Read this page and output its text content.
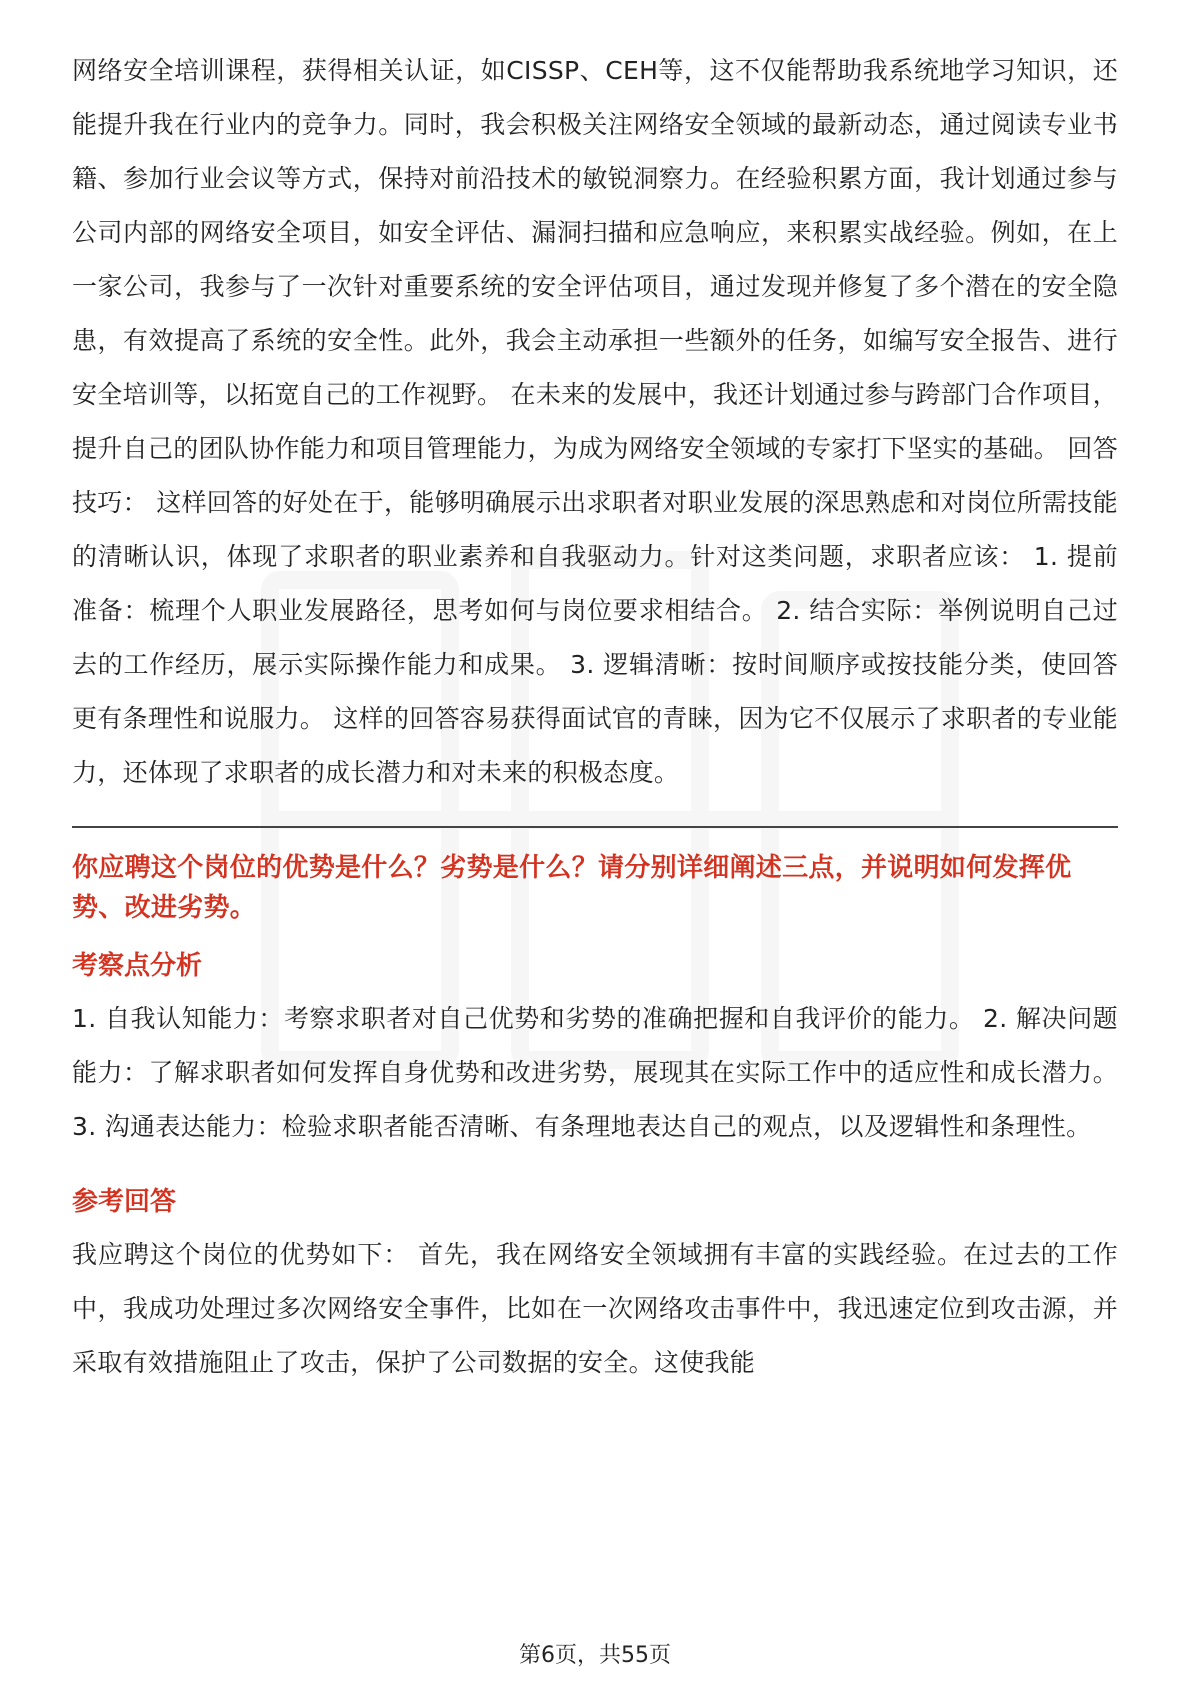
网络安全培训课程，获得相关认证，如CISSP、CEH等，这不仅能帮助我系统地学习知识，还能提升我在行业内的竞争力。同时，我会积极关注网络安全领域的最新动态，通过阅读专业书籍、参加行业会议等方式，保持对前沿技术的敏锐洞察力。在经验积累方面，我计划通过参与公司内部的网络安全项目，如安全评估、漏洞扫描和应急响应，来积累实战经验。例如，在上一家公司，我参与了一次针对重要系统的安全评估项目，通过发现并修复了多个潜在的安全隐患，有效提高了系统的安全性。此外，我会主动承担一些额外的任务，如编写安全报告、进行安全培训等，以拓宽自己的工作视野。 在未来的发展中，我还计划通过参与跨部门合作项目，提升自己的团队协作能力和项目管理能力，为成为网络安全领域的专家打下坚实的基础。 回答技巧： 这样回答的好处在于，能够明确展示出求职者对职业发展的深思熟虑和对岗位所需技能的清晰认识，体现了求职者的职业素养和自我驱动力。针对这类问题，求职者应该： 1. 提前准备：梳理个人职业发展路径，思考如何与岗位要求相结合。 2. 结合实际：举例说明自己过去的工作经历，展示实际操作能力和成果。 3. 逻辑清晰：按时间顺序或按技能分类，使回答更有条理性和说服力。 这样的回答容易获得面试官的青睐，因为它不仅展示了求职者的专业能力，还体现了求职者的成长潜力和对未来的积极态度。

你应聘这个岗位的优势是什么？劣势是什么？请分别详细阐述三点，并说明如何发挥优势、改进劣势。

考察点分析

1. 自我认知能力：考察求职者对自己优势和劣势的准确把握和自我评价的能力。 2. 解决问题能力：了解求职者如何发挥自身优势和改进劣势，展现其在实际工作中的适应性和成长潜力。 3. 沟通表达能力：检验求职者能否清晰、有条理地表达自己的观点，以及逻辑性和条理性。

参考回答

我应聘这个岗位的优势如下： 首先，我在网络安全领域拥有丰富的实践经验。在过去的工作中，我成功处理过多次网络安全事件，比如在一次网络攻击事件中，我迅速定位到攻击源，并采取有效措施阻止了攻击，保护了公司数据的安全。这使我能

第6页，共55页
